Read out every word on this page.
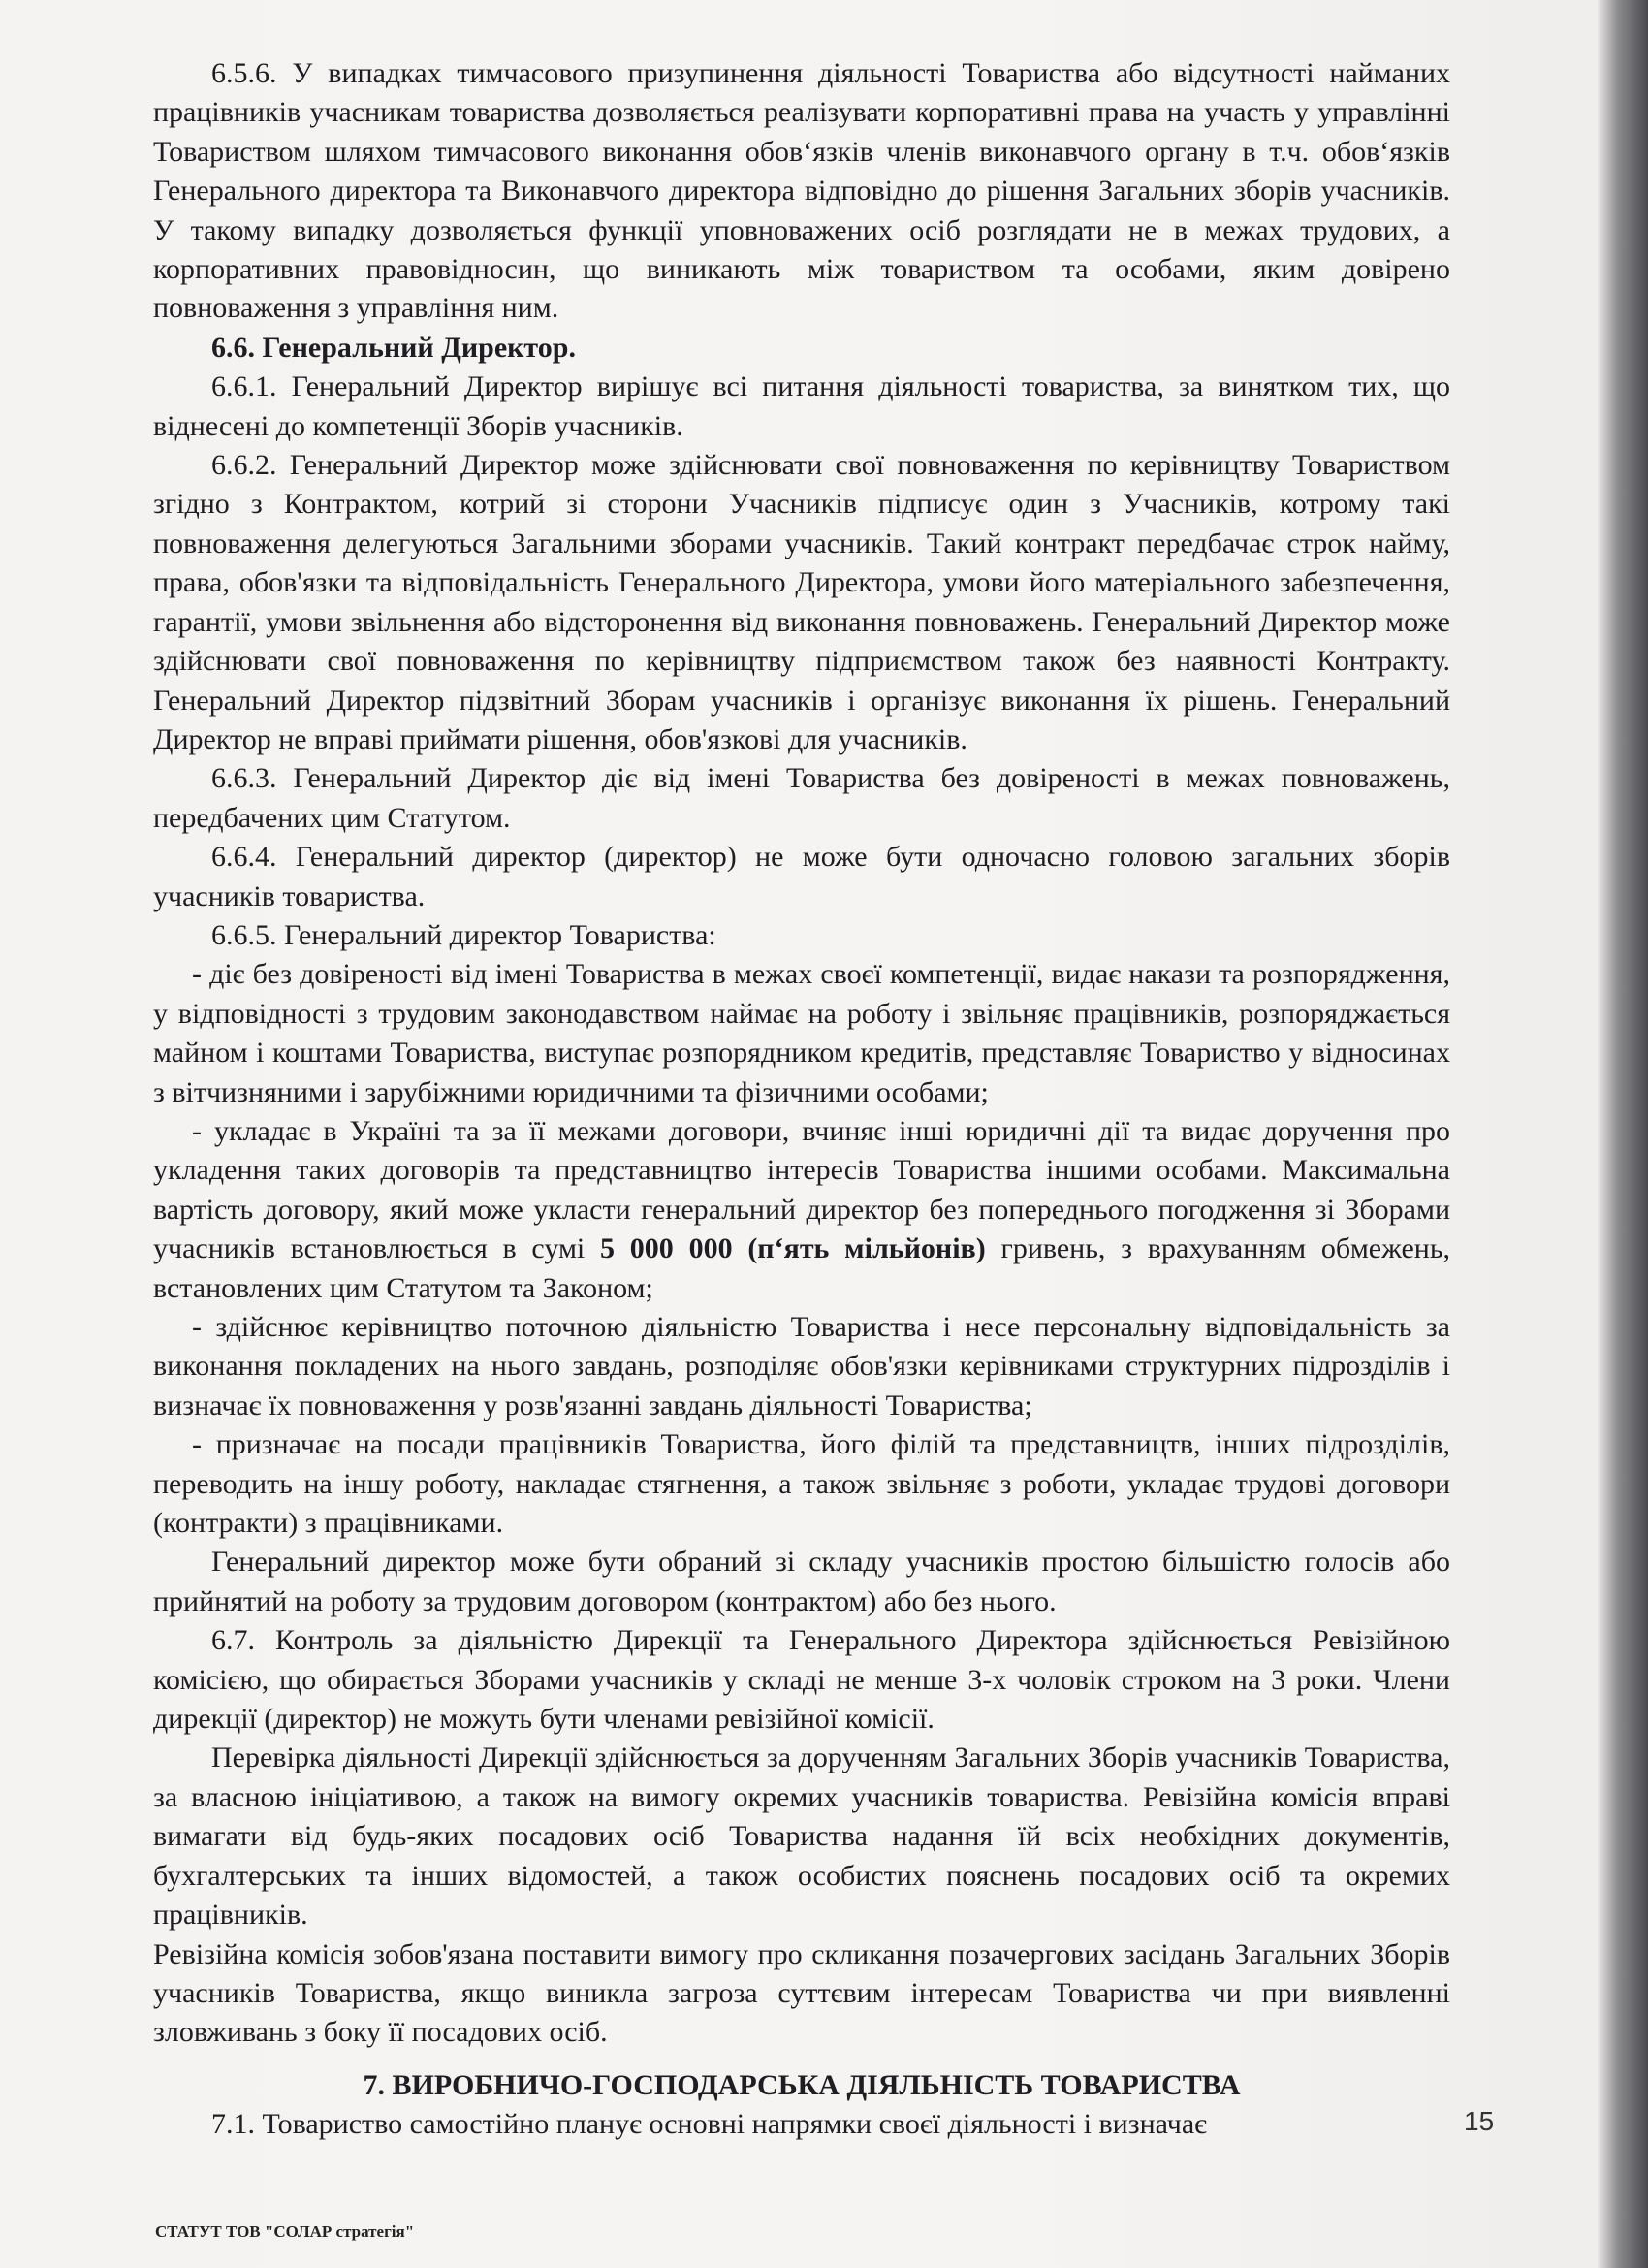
6.5.6. У випадках тимчасового призупинення діяльності Товариства або відсутності найманих працівників учасникам товариства дозволяється реалізувати корпоративні права на участь у управлінні Товариством шляхом тимчасового виконання обов‘язків членів виконавчого органу в т.ч. обов‘язків Генерального директора та Виконавчого директора відповідно до рішення Загальних зборів учасників. У такому випадку дозволяється функції уповноважених осіб розглядати не в межах трудових, а корпоративних правовідносин, що виникають між товариством та особами, яким довірено повноваження з управління ним.

6.6. Генеральний Директор.

6.6.1. Генеральний Директор вирішує всі питання діяльності товариства, за винятком тих, що віднесені до компетенції Зборів учасників.

6.6.2. Генеральний Директор може здійснювати свої повноваження по керівництву Товариством згідно з Контрактом, котрий зі сторони Учасників підписує один з Учасників, котрому такі повноваження делегуються Загальними зборами учасників. Такий контракт передбачає строк найму, права, обов'язки та відповідальність Генерального Директора, умови його матеріального забезпечення, гарантії, умови звільнення або відсторонення від виконання повноважень. Генеральний Директор може здійснювати свої повноваження по керівництву підприємством також без наявності Контракту. Генеральний Директор підзвітний Зборам учасників і організує виконання їх рішень. Генеральний Директор не вправі приймати рішення, обов'язкові для учасників.

6.6.3. Генеральний Директор діє від імені Товариства без довіреності в межах повноважень, передбачених цим Статутом.

6.6.4. Генеральний директор (директор) не може бути одночасно головою загальних зборів учасників товариства.

6.6.5. Генеральний директор Товариства:

- діє без довіреності від імені Товариства в межах своєї компетенції, видає накази та розпорядження, у відповідності з трудовим законодавством наймає на роботу і звільняє працівників, розпоряджається майном і коштами Товариства, виступає розпорядником кредитів, представляє Товариство у відносинах з вітчизняними і зарубіжними юридичними та фізичними особами;

- укладає в Україні та за її межами договори, вчиняє інші юридичні дії та видає доручення про укладення таких договорів та представництво інтересів Товариства іншими особами. Максимальна вартість договору, який може укласти генеральний директор без попереднього погодження зі Зборами учасників встановлюється в сумі 5 000 000 (п‘ять мільйонів) гривень, з врахуванням обмежень, встановлених цим Статутом та Законом;

- здійснює керівництво поточною діяльністю Товариства і несе персональну відповідальність за виконання покладених на нього завдань, розподіляє обов'язки керівниками структурних підрозділів і визначає їх повноваження у розв'язанні завдань діяльності Товариства;

- призначає на посади працівників Товариства, його філій та представництв, інших підрозділів, переводить на іншу роботу, накладає стягнення, а також звільняє з роботи, укладає трудові договори (контракти) з працівниками.

Генеральний директор може бути обраний зі складу учасників простою більшістю голосів або прийнятий на роботу за трудовим договором (контрактом) або без нього.

6.7. Контроль за діяльністю Дирекції та Генерального Директора здійснюється Ревізійною комісією, що обирається Зборами учасників у складі не менше 3-х чоловік строком на 3 роки. Члени дирекції (директор) не можуть бути членами ревізійної комісії.

Перевірка діяльності Дирекції здійснюється за дорученням Загальних Зборів учасників Товариства, за власною ініціативою, а також на вимогу окремих учасників товариства. Ревізійна комісія вправі вимагати від будь-яких посадових осіб Товариства надання їй всіх необхідних документів, бухгалтерських та інших відомостей, а також особистих пояснень посадових осіб та окремих працівників.

Ревізійна комісія зобов'язана поставити вимогу про скликання позачергових засідань Загальних Зборів учасників Товариства, якщо виникла загроза суттєвим інтересам Товариства чи при виявленні зловживань з боку її посадових осіб.

7. ВИРОБНИЧО-ГОСПОДАРСЬКА ДІЯЛЬНІСТЬ ТОВАРИСТВА

7.1. Товариство самостійно планує основні напрямки своєї діяльності і визначає	15
СТАТУТ ТОВ "СОЛАР стратегія"
